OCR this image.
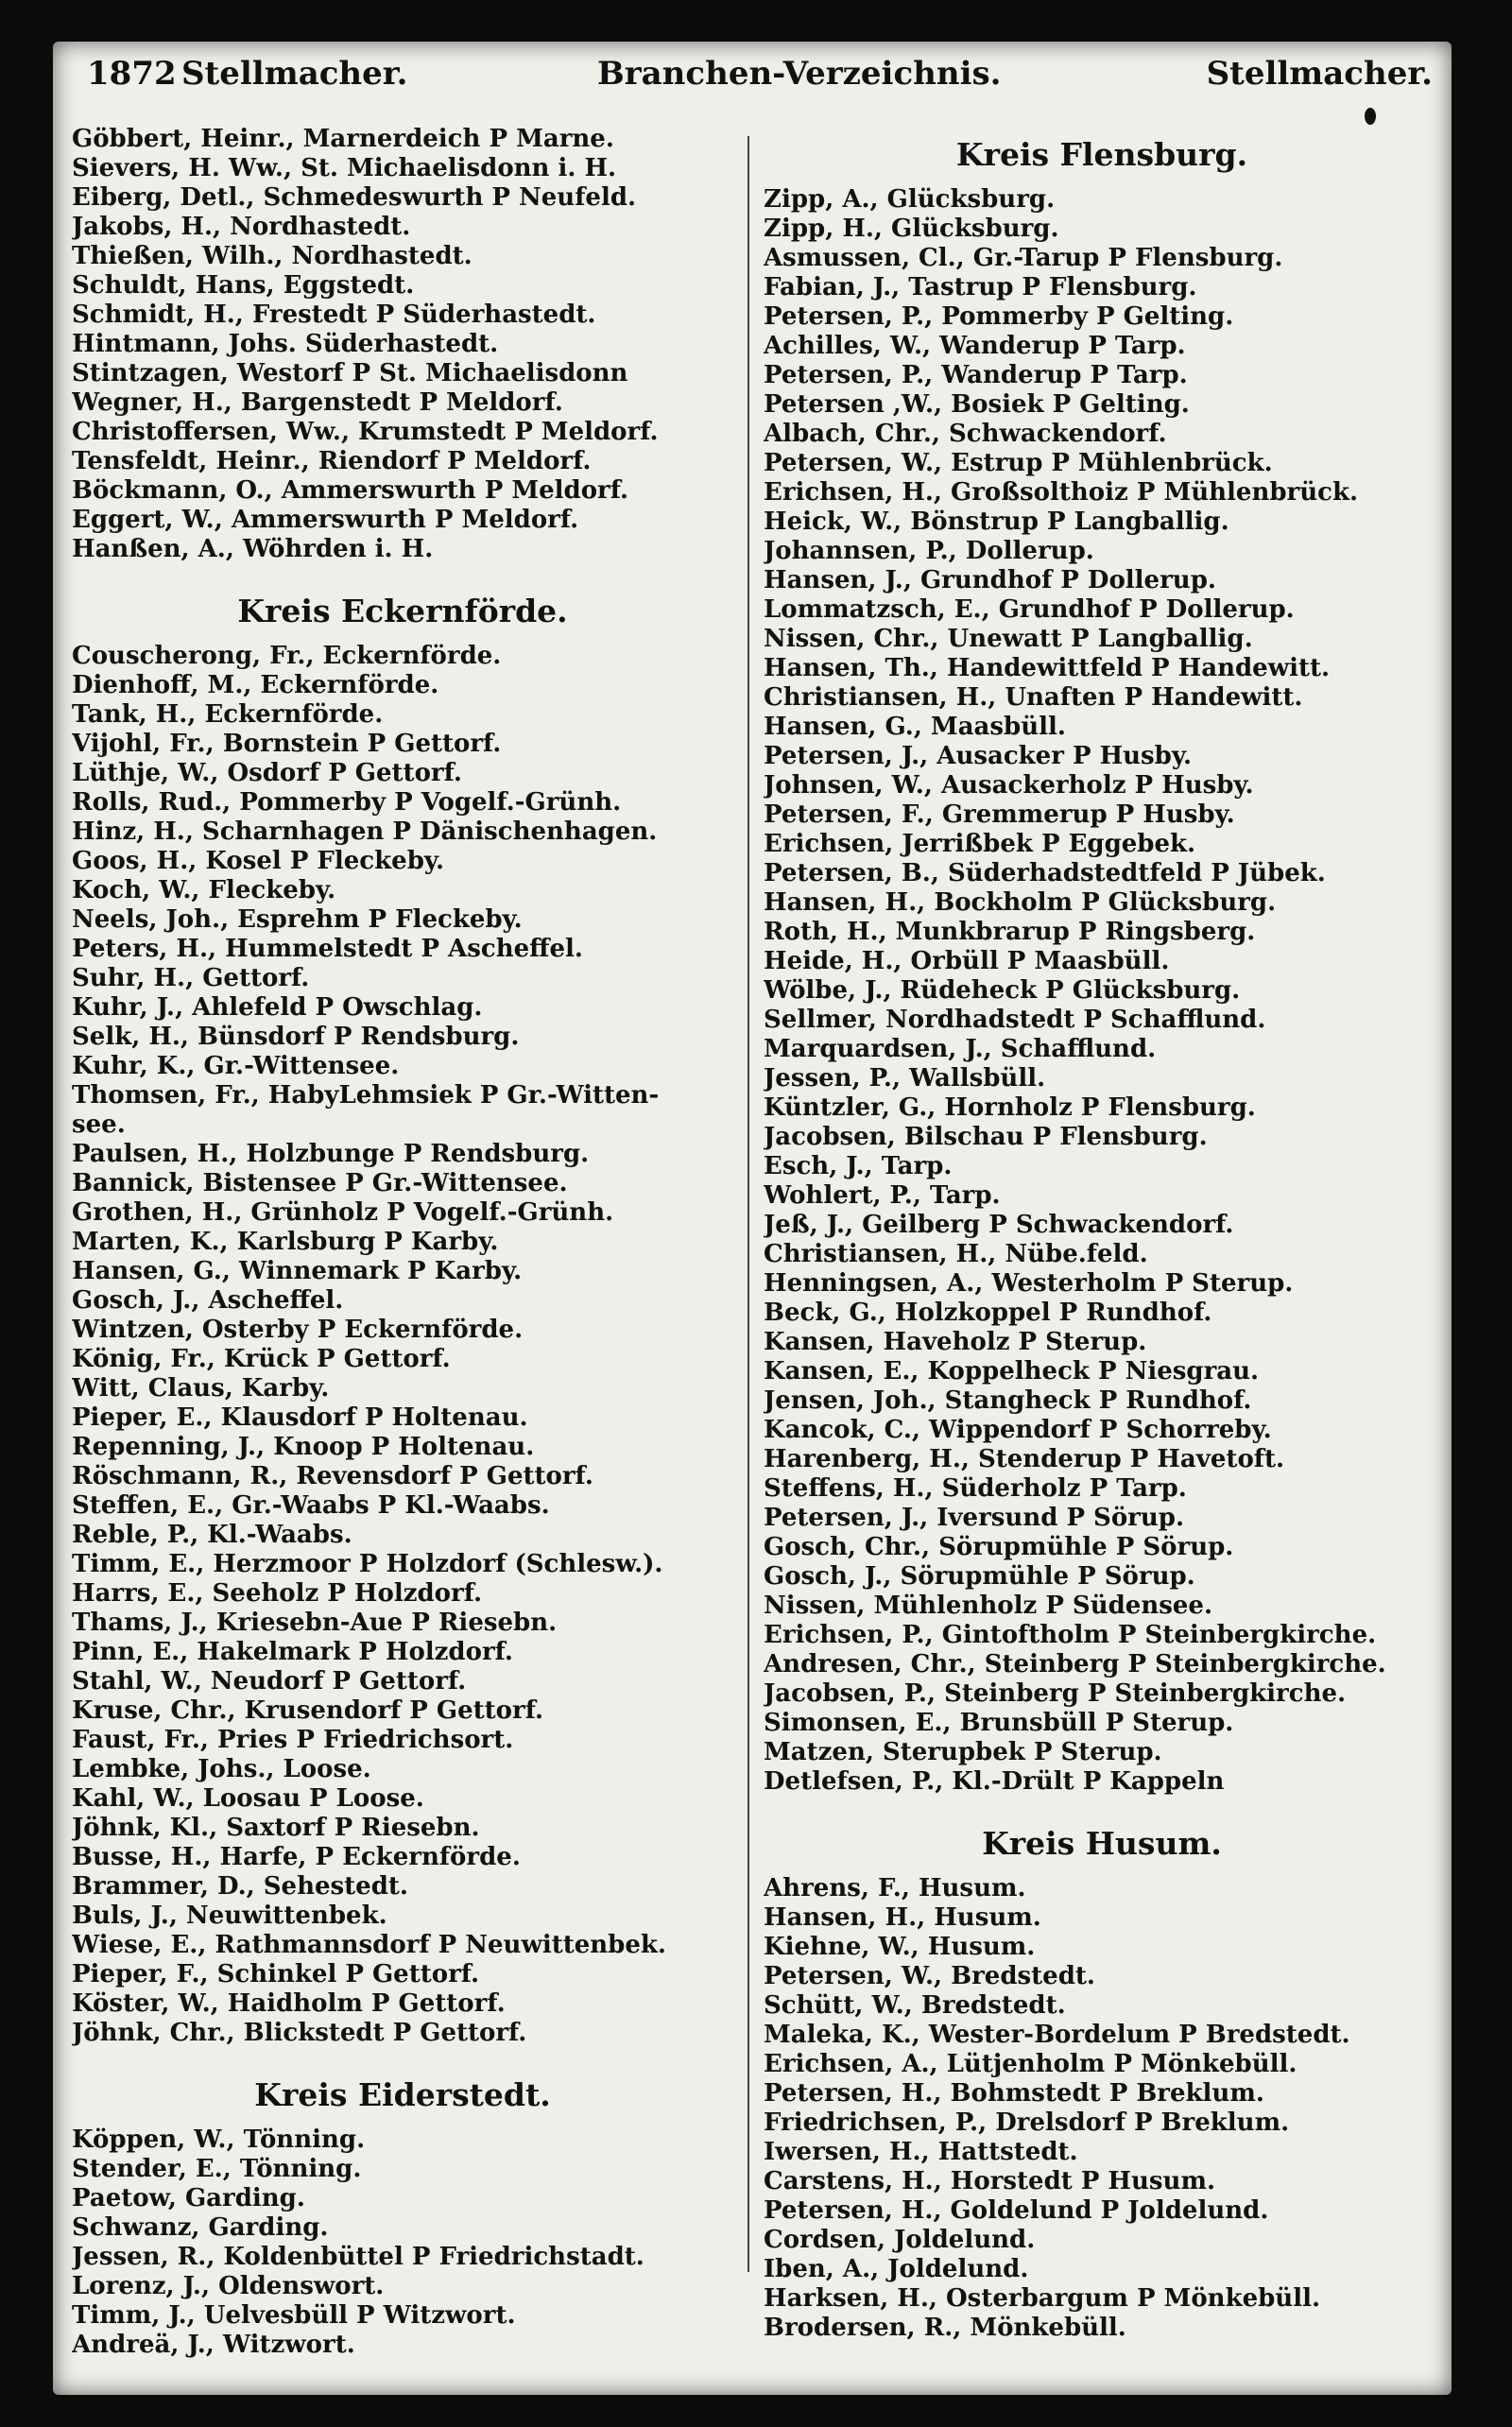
1872 Stellmacher.	Branchen-Verzeichnis.	Stellmacher.
Göbbert, Heinr., Marnerdeich P Marne.
Sievers, H. Ww., St. Michaelisdonn i. H.
Eiberg, Detl., Schmedeswurth P Neufeld.
Jakobs, H., Nordhastedt.
Thießen, Wilh., Nordhastedt.
Schuldt, Hans, Eggstedt.
Schmidt, H., Frestedt P Süderhastedt.
Hintmann, Johs. Süderhastedt.
Stintzagen, Westorf P St. Michaelisdonn
Wegner, H., Bargenstedt P Meldorf.
Christoffersen, Ww., Krumstedt P Meldorf.
Tensfeldt, Heinr., Riendorf P Meldorf.
Böckmann, O., Ammerswurth P Meldorf.
Eggert, W., Ammerswurth P Meldorf.
Hanßen, A., Wöhrden i. H.
Kreis Eckernförde.
Couscherong, Fr., Eckernförde.
Dienhoff, M., Eckernförde.
Tank, H., Eckernförde.
Vijohl, Fr., Bornstein P Gettorf.
Lüthje, W., Osdorf P Gettorf.
Rolls, Rud., Pommerby P Vogelf.-Grünh.
Hinz, H., Scharnhagen P Dänischenhagen.
Goos, H., Kosel P Fleckeby.
Koch, W., Fleckeby.
Neels, Joh., Esprehm P Fleckeby.
Peters, H., Hummelstedt P Ascheffel.
Suhr, H., Gettorf.
Kuhr, J., Ahlefeld P Owschlag.
Selk, H., Bünsdorf P Rendsburg.
Kuhr, K., Gr.-Wittensee.
Thomsen, Fr., HabyLehmsiek P Gr.-Witten-
see.
Paulsen, H., Holzbunge P Rendsburg.
Bannick, Bistensee P Gr.-Wittensee.
Grothen, H., Grünholz P Vogelf.-Grünh.
Marten, K., Karlsburg P Karby.
Hansen, G., Winnemark P Karby.
Gosch, J., Ascheffel.
Wintzen, Osterby P Eckernförde.
König, Fr., Krück P Gettorf.
Witt, Claus, Karby.
Pieper, E., Klausdorf P Holtenau.
Repenning, J., Knoop P Holtenau.
Röschmann, R., Revensdorf P Gettorf.
Steffen, E., Gr.-Waabs P Kl.-Waabs.
Reble, P., Kl.-Waabs.
Timm, E., Herzmoor P Holzdorf (Schlesw.).
Harrs, E., Seeholz P Holzdorf.
Thams, J., Kriesebn-Aue P Riesebn.
Pinn, E., Hakelmark P Holzdorf.
Stahl, W., Neudorf P Gettorf.
Kruse, Chr., Krusendorf P Gettorf.
Faust, Fr., Pries P Friedrichsort.
Lembke, Johs., Loose.
Kahl, W., Loosau P Loose.
Jöhnk, Kl., Saxtorf P Riesebn.
Busse, H., Harfe, P Eckernförde.
Brammer, D., Sehestedt.
Buls, J., Neuwittenbek.
Wiese, E., Rathmannsdorf P Neuwittenbek.
Pieper, F., Schinkel P Gettorf.
Köster, W., Haidholm P Gettorf.
Jöhnk, Chr., Blickstedt P Gettorf.
Kreis Eiderstedt.
Köppen, W., Tönning.
Stender, E., Tönning.
Paetow, Garding.
Schwanz, Garding.
Jessen, R., Koldenbüttel P Friedrichstadt.
Lorenz, J., Oldenswort.
Timm, J., Uelvesbüll P Witzwort.
Andreä, J., Witzwort.
Kreis Flensburg.
Zipp, A., Glücksburg.
Zipp, H., Glücksburg.
Asmussen, Cl., Gr.-Tarup P Flensburg.
Fabian, J., Tastrup P Flensburg.
Petersen, P., Pommerby P Gelting.
Achilles, W., Wanderup P Tarp.
Petersen, P., Wanderup P Tarp.
Petersen ,W., Bosiek P Gelting.
Albach, Chr., Schwackendorf.
Petersen, W., Estrup P Mühlenbrück.
Erichsen, H., Großsolthoiz P Mühlenbrück.
Heick, W., Bönstrup P Langballig.
Johannsen, P., Dollerup.
Hansen, J., Grundhof P Dollerup.
Lommatzsch, E., Grundhof P Dollerup.
Nissen, Chr., Unewatt P Langballig.
Hansen, Th., Handewittfeld P Handewitt.
Christiansen, H., Unaften P Handewitt.
Hansen, G., Maasbüll.
Petersen, J., Ausacker P Husby.
Johnsen, W., Ausackerholz P Husby.
Petersen, F., Gremmerup P Husby.
Erichsen, Jerrißbek P Eggebek.
Petersen, B., Süderhadstedtfeld P Jübek.
Hansen, H., Bockholm P Glücksburg.
Roth, H., Munkbrarup P Ringsberg.
Heide, H., Orbüll P Maasbüll.
Wölbe, J., Rüdeheck P Glücksburg.
Sellmer, Nordhadstedt P Schafflund.
Marquardsen, J., Schafflund.
Jessen, P., Wallsbüll.
Küntzler, G., Hornholz P Flensburg.
Jacobsen, Bilschau P Flensburg.
Esch, J., Tarp.
Wohlert, P., Tarp.
Jeß, J., Geilberg P Schwackendorf.
Christiansen, H., Nübe.feld.
Henningsen, A., Westerholm P Sterup.
Beck, G., Holzkoppel P Rundhof.
Kansen, Haveholz P Sterup.
Kansen, E., Koppelheck P Niesgrau.
Jensen, Joh., Stangheck P Rundhof.
Kancok, C., Wippendorf P Schorreby.
Harenberg, H., Stenderup P Havetoft.
Steffens, H., Süderholz P Tarp.
Petersen, J., Iversund P Sörup.
Gosch, Chr., Sörupmühle P Sörup.
Gosch, J., Sörupmühle P Sörup.
Nissen, Mühlenholz P Südensee.
Erichsen, P., Gintoftholm P Steinbergkirche.
Andresen, Chr., Steinberg P Steinbergkirche.
Jacobsen, P., Steinberg P Steinbergkirche.
Simonsen, E., Brunsbüll P Sterup.
Matzen, Sterupbek P Sterup.
Detlefsen, P., Kl.-Drült P Kappeln
Kreis Husum.
Ahrens, F., Husum.
Hansen, H., Husum.
Kiehne, W., Husum.
Petersen, W., Bredstedt.
Schütt, W., Bredstedt.
Maleka, K., Wester-Bordelum P Bredstedt.
Erichsen, A., Lütjenholm P Mönkebüll.
Petersen, H., Bohmstedt P Breklum.
Friedrichsen, P., Drelsdorf P Breklum.
Iwersen, H., Hattstedt.
Carstens, H., Horstedt P Husum.
Petersen, H., Goldelund P Joldelund.
Cordsen, Joldelund.
Iben, A., Joldelund.
Harksen, H., Osterbargum P Mönkebüll.
Brodersen, R., Mönkebüll.
